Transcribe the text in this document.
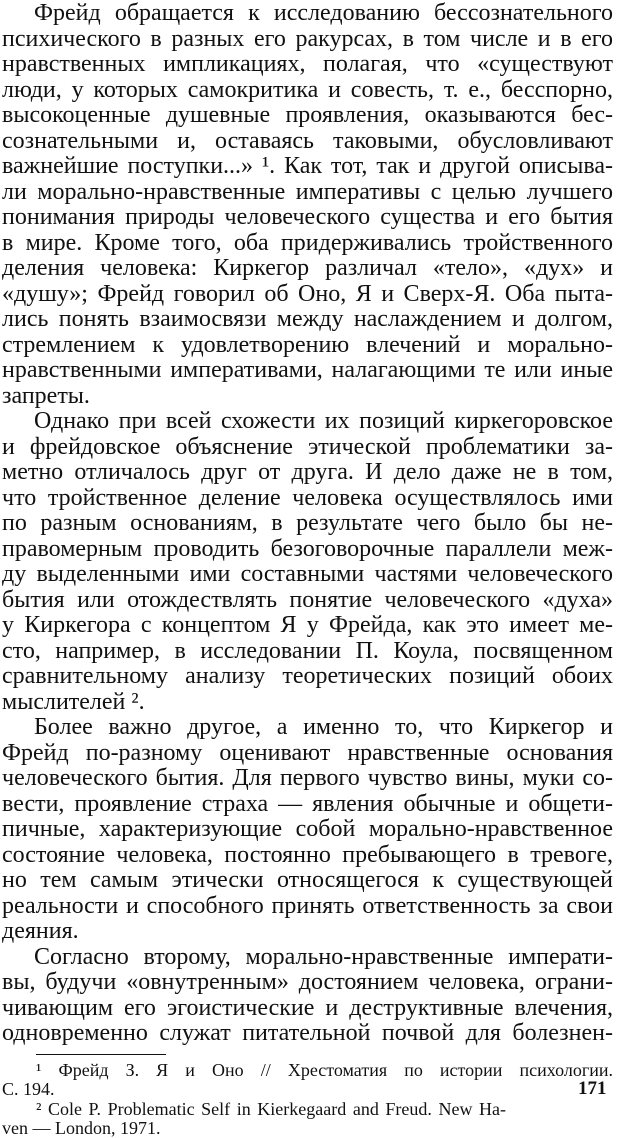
Фрейд обращается к исследованию бессознательного
психического в разных его ракурсах, в том числе и в его
нравственных импликациях, полагая, что «существуют
люди, у которых самокритика и совесть, т. е., бесспорно,
высокоценные душевные проявления, оказываются бес-
сознательными и, оставаясь таковыми, обусловливают
важнейшие поступки...» ¹. Как тот, так и другой описыва-
ли морально-нравственные императивы с целью лучшего
понимания природы человеческого существа и его бытия
в мире. Кроме того, оба придерживались тройственного
деления человека: Киркегор различал «тело», «дух» и
«душу»; Фрейд говорил об Оно, Я и Сверх-Я. Оба пыта-
лись понять взаимосвязи между наслаждением и долгом,
стремлением к удовлетворению влечений и морально-
нравственными императивами, налагающими те или иные
запреты.
Однако при всей схожести их позиций киркегоровское
и фрейдовское объяснение этической проблематики за-
метно отличалось друг от друга. И дело даже не в том,
что тройственное деление человека осуществлялось ими
по разным основаниям, в результате чего было бы не-
правомерным проводить безоговорочные параллели меж-
ду выделенными ими составными частями человеческого
бытия или отождествлять понятие человеческого «духа»
у Киркегора с концептом Я у Фрейда, как это имеет ме-
сто, например, в исследовании П. Коула, посвященном
сравнительному анализу теоретических позиций обоих
мыслителей ².
Более важно другое, а именно то, что Киркегор и
Фрейд по-разному оценивают нравственные основания
человеческого бытия. Для первого чувство вины, муки со-
вести, проявление страха — явления обычные и общети-
пичные, характеризующие собой морально-нравственное
состояние человека, постоянно пребывающего в тревоге,
но тем самым этически относящегося к существующей
реальности и способного принять ответственность за свои
деяния.
¹ Фрейд З. Я и Оно // Хрестоматия по истории психологии.
С. 194.
² Cole P. Problematic Self in Kierkegaard and Freud. New Ha-
ven — London, 1971.
Согласно второму, морально-нравственные императи-
вы, будучи «овнутренным» достоянием человека, ограни-
чивающим его эгоистические и деструктивные влечения,
одновременно служат питательной почвой для болезнен-
171
